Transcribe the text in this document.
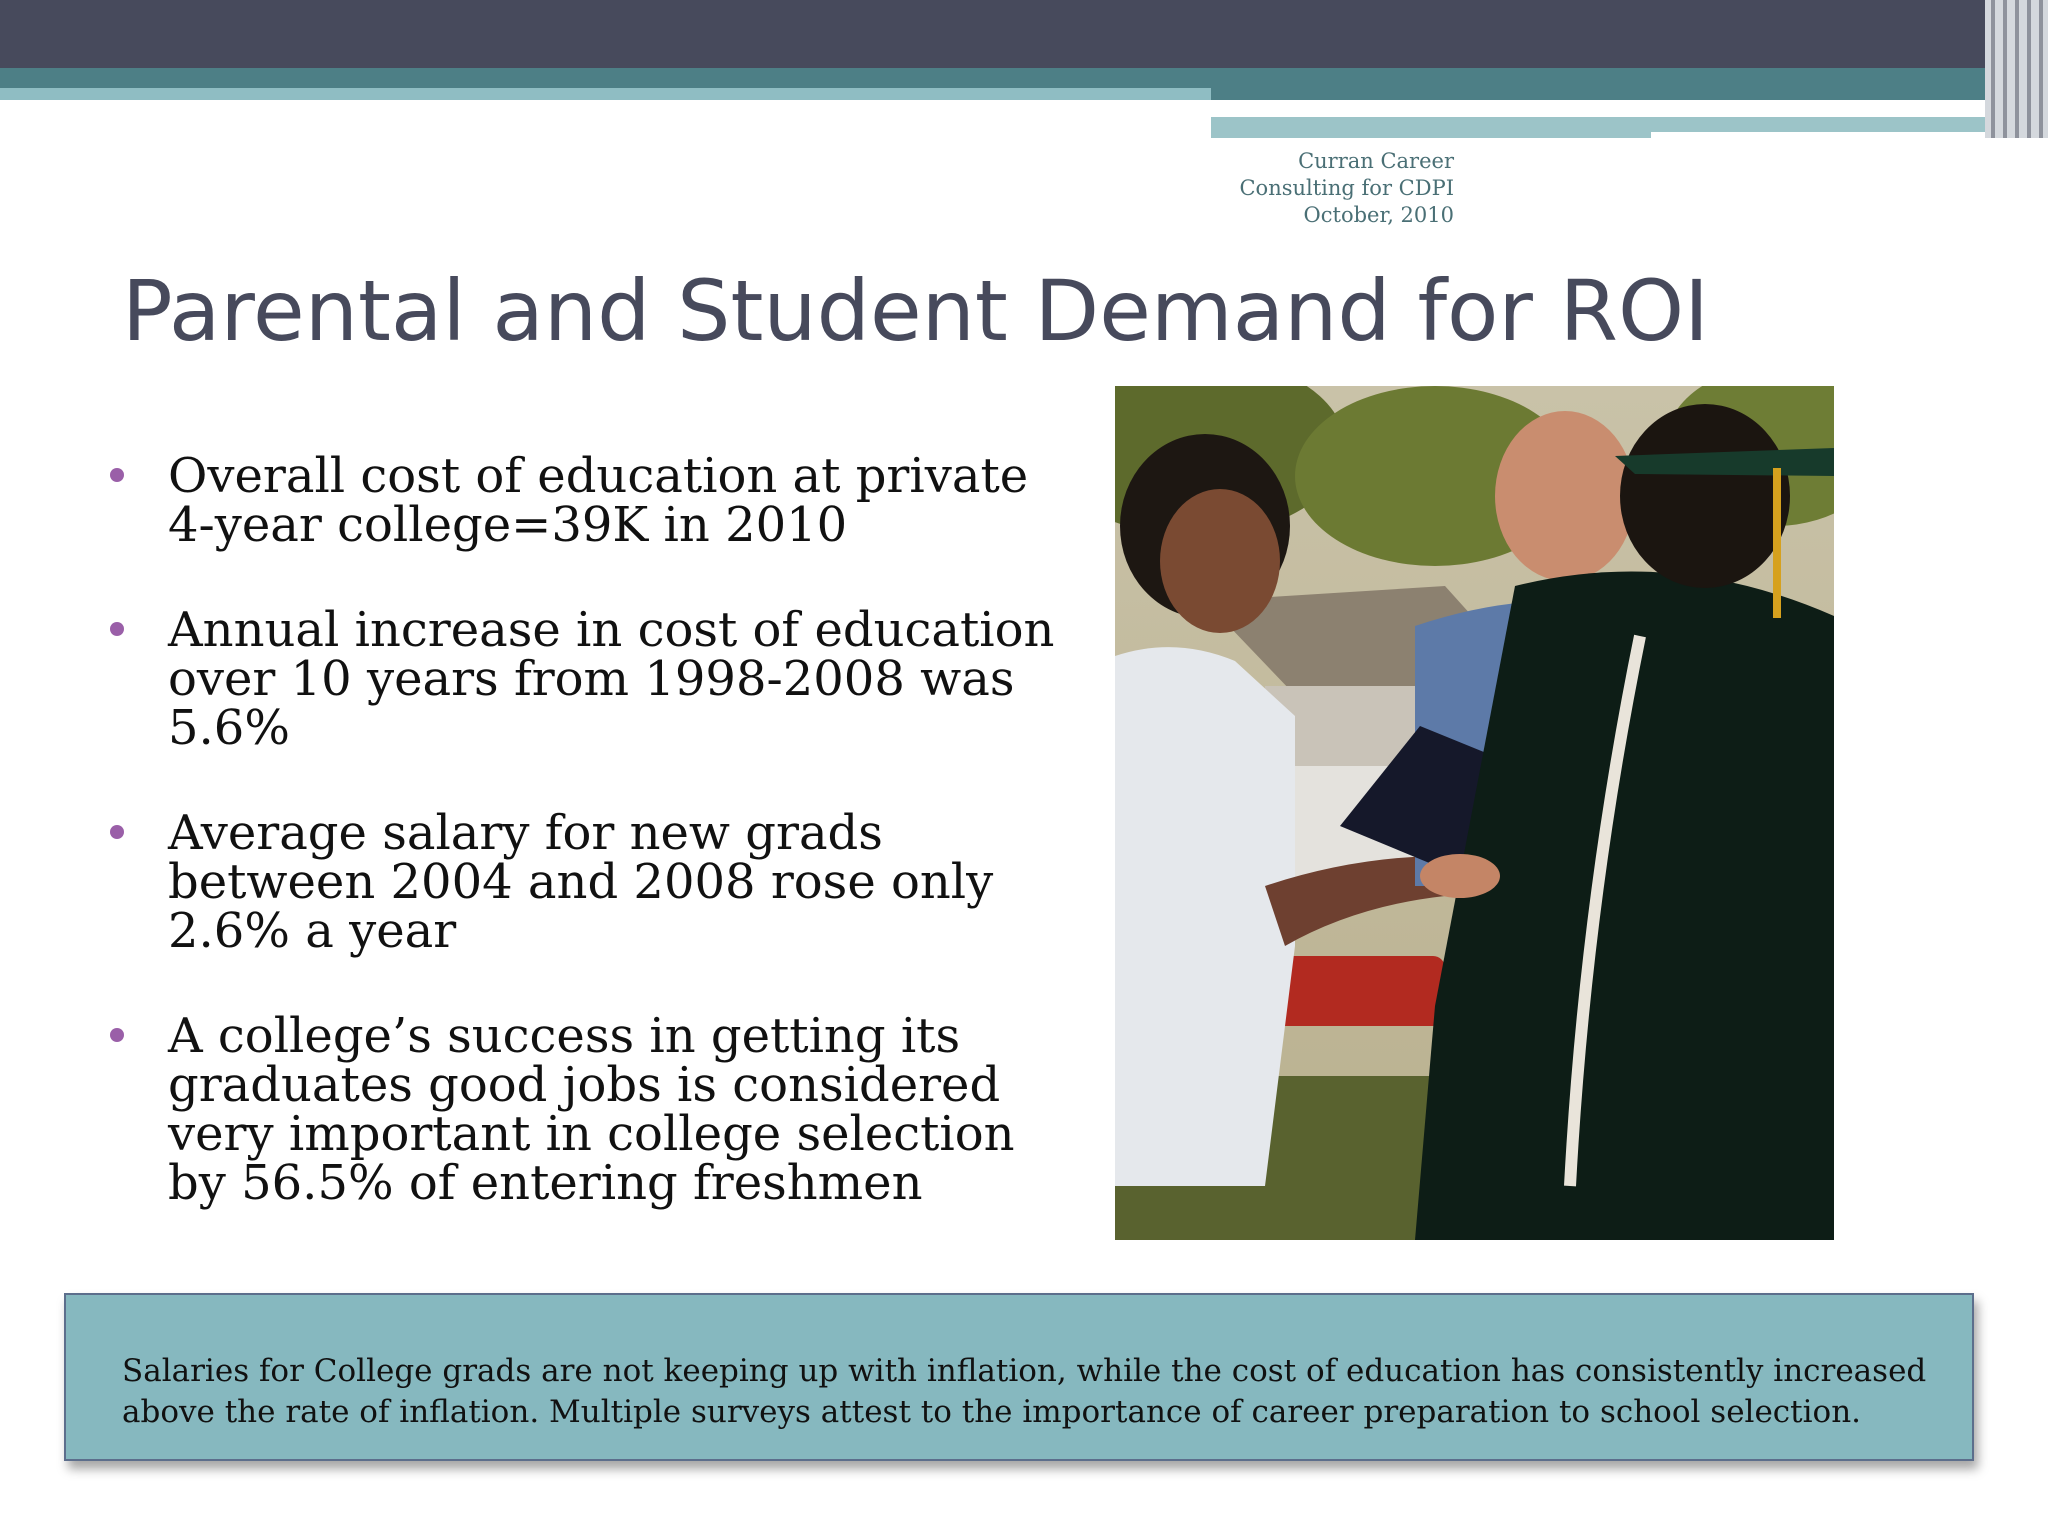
Curran Career
Consulting for CDPI
October, 2010
Parental and Student Demand for ROI
Overall cost of education at private 4-year college=39K in 2010
Annual increase in cost of education over 10 years from 1998-2008 was 5.6%
Average salary for new grads between 2004 and 2008 rose only 2.6% a year
A college’s success in getting its graduates good jobs is considered very important in college selection by 56.5% of entering freshmen
Salaries for College grads are not keeping up with inflation, while the cost of education has consistently increased above the rate of inflation. Multiple surveys attest to the importance of career preparation to school selection.
